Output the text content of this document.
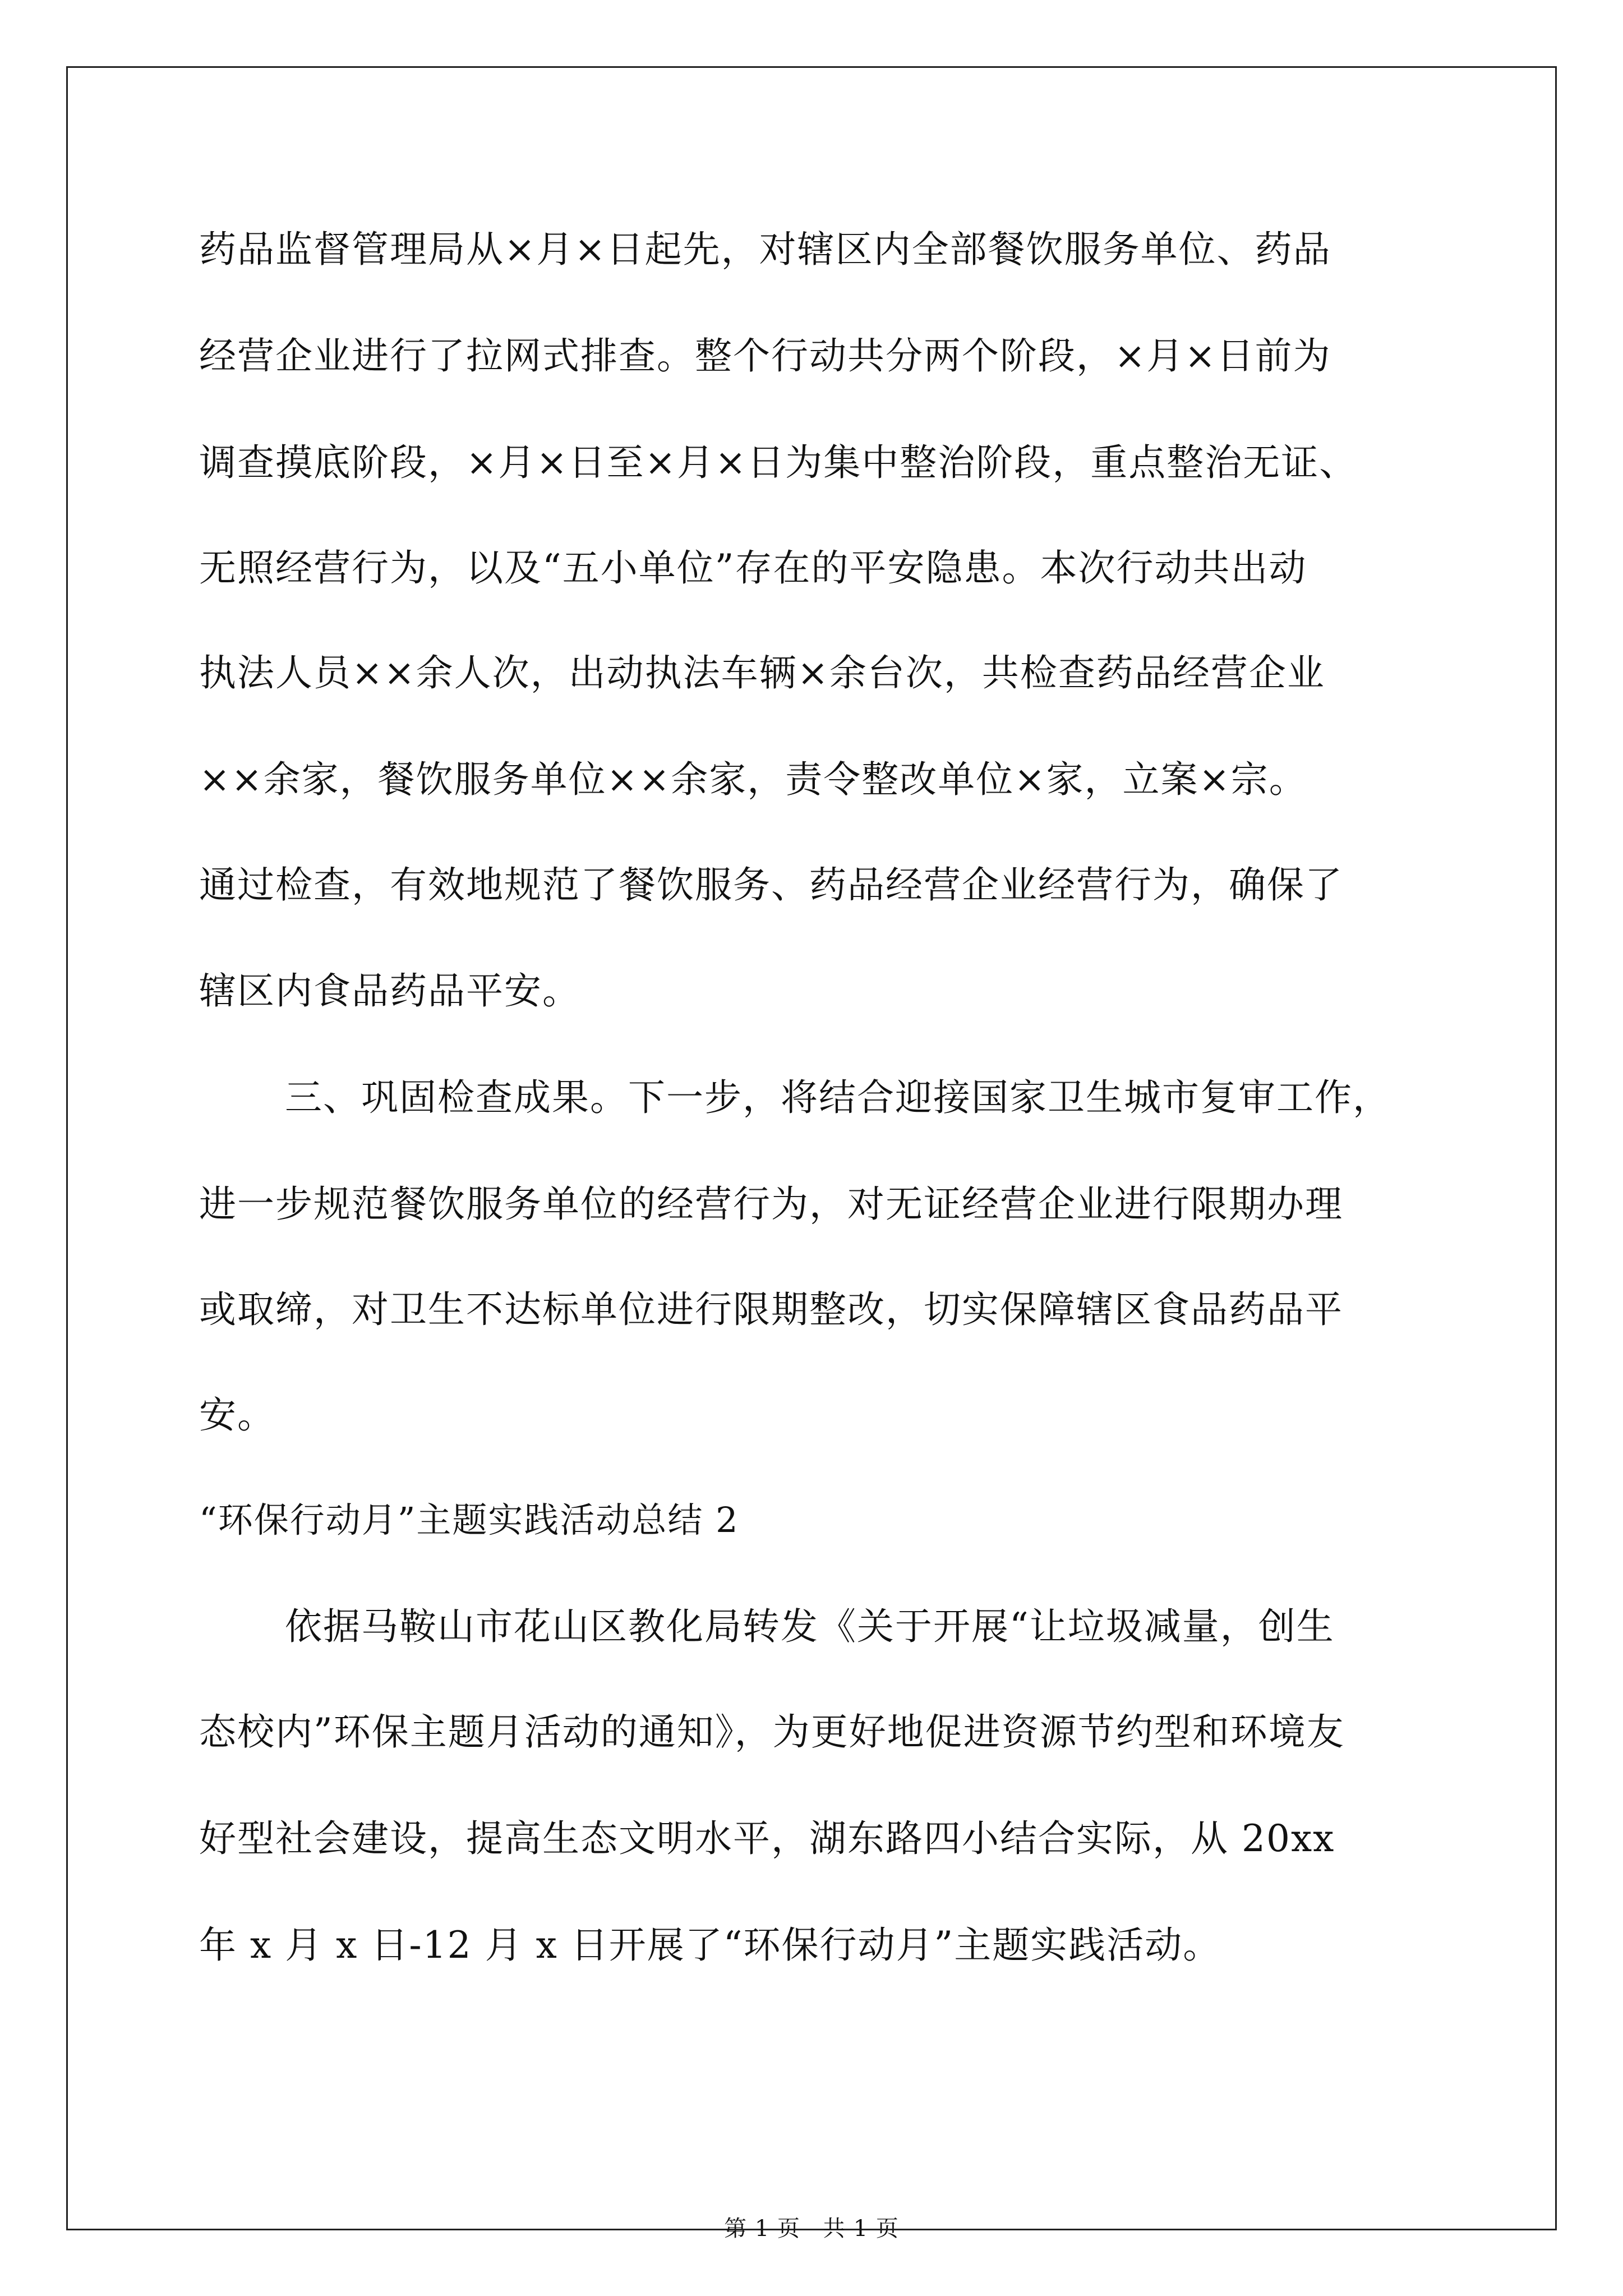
药品监督管理局从×月×日起先，对辖区内全部餐饮服务单位、药品
经营企业进行了拉网式排查。整个行动共分两个阶段，×月×日前为
调查摸底阶段，×月×日至×月×日为集中整治阶段，重点整治无证、
无照经营行为，以及“五小单位”存在的平安隐患。本次行动共出动
执法人员××余人次，出动执法车辆×余台次，共检查药品经营企业
××余家，餐饮服务单位××余家，责令整改单位×家，立案×宗。
通过检查，有效地规范了餐饮服务、药品经营企业经营行为，确保了
辖区内食品药品平安。
三、巩固检查成果。下一步，将结合迎接国家卫生城市复审工作，
进一步规范餐饮服务单位的经营行为，对无证经营企业进行限期办理
或取缔，对卫生不达标单位进行限期整改，切实保障辖区食品药品平
安。
“环保行动月”主题实践活动总结 2
依据马鞍山市花山区教化局转发《关于开展“让垃圾减量，创生
态校内”环保主题月活动的通知》，为更好地促进资源节约型和环境友
好型社会建设，提高生态文明水平，湖东路四小结合实际，从 20xx
年 x 月 x 日-12 月 x 日开展了“环保行动月”主题实践活动。
第 1 页 共 1 页
